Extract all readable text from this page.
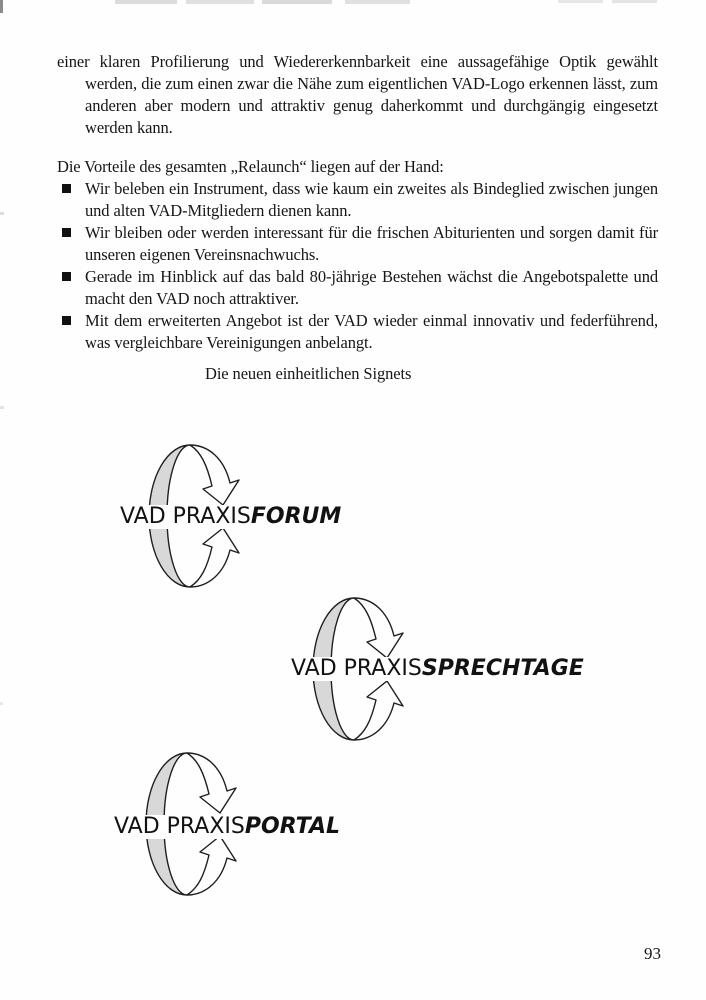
einer klaren Profilierung und Wiedererkennbarkeit eine aussagefähige Optik gewählt werden, die zum einen zwar die Nähe zum eigentlichen VAD-Logo erkennen lässt, zum anderen aber modern und attraktiv genug daherkommt und durchgängig eingesetzt werden kann.
Die Vorteile des gesamten „Relaunch“ liegen auf der Hand:
Wir beleben ein Instrument, dass wie kaum ein zweites als Bindeglied zwischen jungen und alten VAD-Mitgliedern dienen kann.
Wir bleiben oder werden interessant für die frischen Abiturienten und sorgen damit für unseren eigenen Vereinsnachwuchs.
Gerade im Hinblick auf das bald 80-jährige Bestehen wächst die Angebotspalette und macht den VAD noch attraktiver.
Mit dem erweiterten Angebot ist der VAD wieder einmal innovativ und federführend, was vergleichbare Vereinigungen anbelangt.
Die neuen einheitlichen Signets
VAD PRAXISFORUM
VAD PRAXISSPRECHTAGE
VAD PRAXISPORTAL
93
